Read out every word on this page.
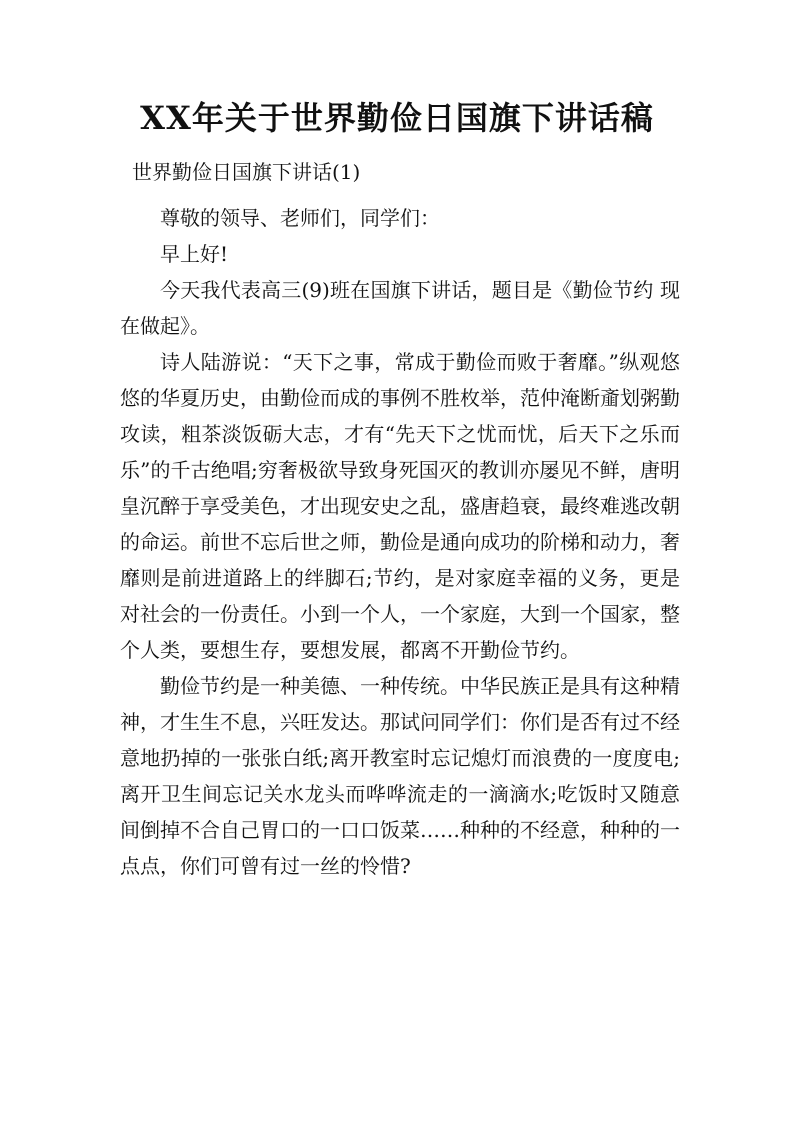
XX年关于世界勤俭日国旗下讲话稿
世界勤俭日国旗下讲话(1)

尊敬的领导、老师们，同学们：

早上好!

今天我代表高三(9)班在国旗下讲话，题目是《勤俭节约 现在做起》。

诗人陆游说：“天下之事，常成于勤俭而败于奢靡。”纵观悠悠的华夏历史，由勤俭而成的事例不胜枚举，范仲淹断齑划粥勤攻读，粗茶淡饭砺大志，才有“先天下之忧而忧，后天下之乐而乐”的千古绝唱;穷奢极欲导致身死国灭的教训亦屡见不鲜，唐明皇沉醉于享受美色，才出现安史之乱，盛唐趋衰，最终难逃改朝的命运。前世不忘后世之师，勤俭是通向成功的阶梯和动力，奢靡则是前进道路上的绊脚石;节约，是对家庭幸福的义务，更是对社会的一份责任。小到一个人，一个家庭，大到一个国家，整个人类，要想生存，要想发展，都离不开勤俭节约。

勤俭节约是一种美德、一种传统。中华民族正是具有这种精神，才生生不息，兴旺发达。那试问同学们：你们是否有过不经意地扔掉的一张张白纸;离开教室时忘记熄灯而浪费的一度度电;离开卫生间忘记关水龙头而哗哗流走的一滴滴水;吃饭时又随意间倒掉不合自己胃口的一口口饭菜……种种的不经意，种种的一点点，你们可曾有过一丝的怜惜?
